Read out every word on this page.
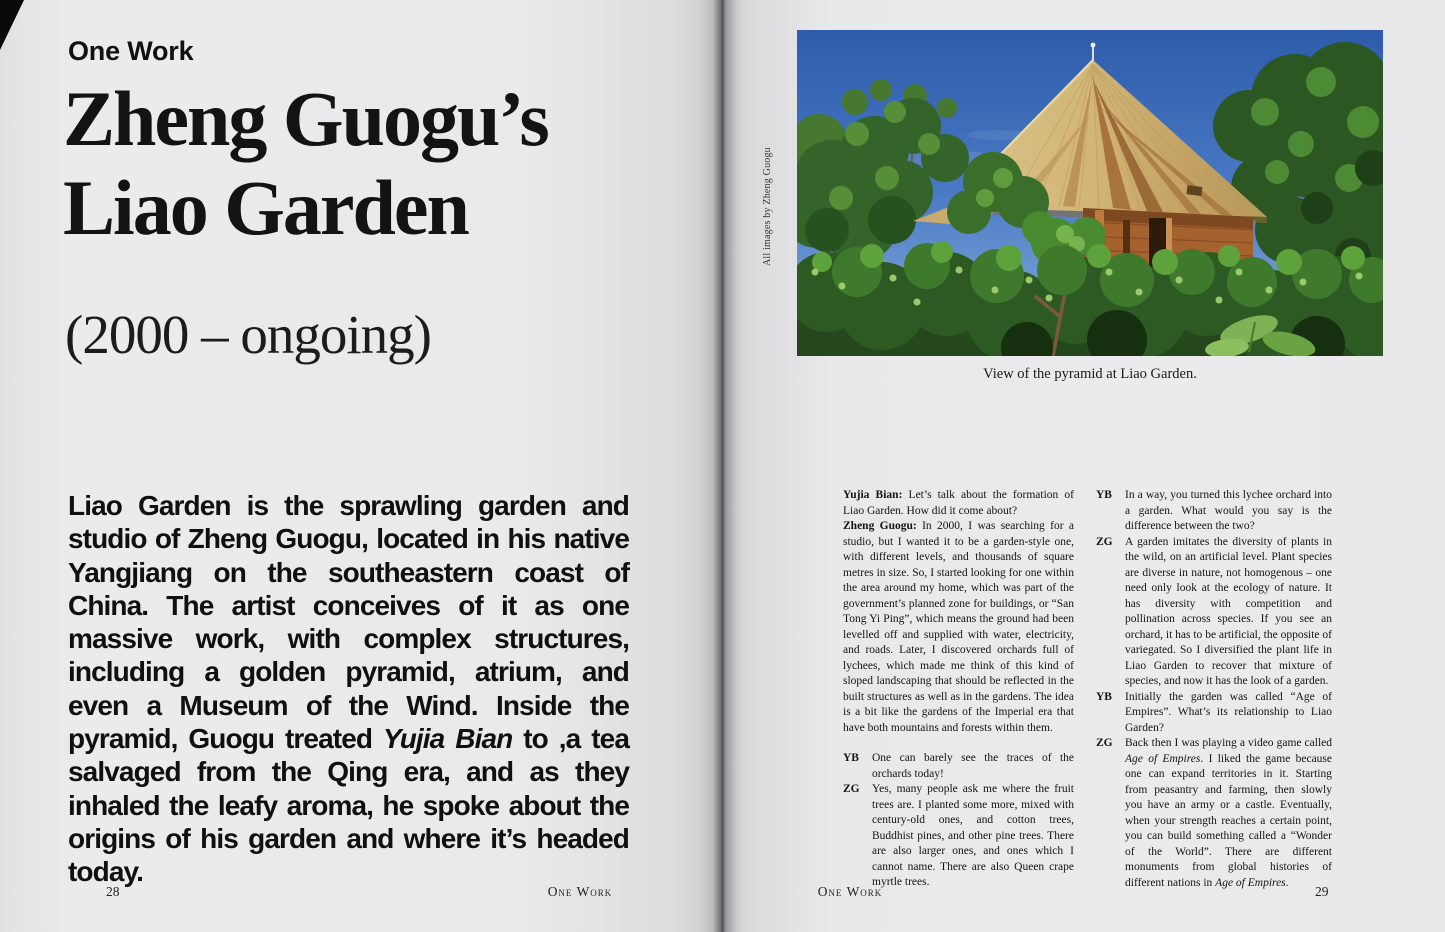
One Work
Zheng Guogu’s
Liao Garden
(2000 – ongoing)

Liao Garden is the sprawling garden and studio of Zheng Guogu, located in his native Yangjiang on the southeastern coast of China. The artist conceives of it as one massive work, with complex structures, including a golden pyramid, atrium, and even a Museum of the Wind. Inside the pyramid, Guogu treated Yujia Bian to ,a tea salvaged from the Qing era, and as they inhaled the leafy aroma, he spoke about the origins of his garden and where it’s headed today.

28	One Work
All images by Zheng Guogu

View of the pyramid at Liao Garden.

Yujia Bian: Let’s talk about the formation of Liao Garden. How did it come about?

Zheng Guogu: In 2000, I was searching for a studio, but I wanted it to be a garden-style one, with different levels, and thousands of square metres in size. So, I started looking for one within the area around my home, which was part of the government’s planned zone for buildings, or “San Tong Yi Ping”, which means the ground had been levelled off and supplied with water, electricity, and roads. Later, I discovered orchards full of lychees, which made me think of this kind of sloped landscaping that should be reflected in the built structures as well as in the gardens. The idea is a bit like the gardens of the Imperial era that have both mountains and forests within them.

YB	One can barely see the traces of the orchards today!

ZG	Yes, many people ask me where the fruit trees are. I planted some more, mixed with century-old ones, and cotton trees, Buddhist pines, and other pine trees. There are also larger ones, and ones which I cannot name. There are also Queen crape myrtle trees.

YB	In a way, you turned this lychee orchard into a garden. What would you say is the difference between the two?

ZG	A garden imitates the diversity of plants in the wild, on an artificial level. Plant species are diverse in nature, not homogenous – one need only look at the ecology of nature. It has diversity with competition and pollination across species. If you see an orchard, it has to be artificial, the opposite of variegated. So I diversified the plant life in Liao Garden to recover that mixture of species, and now it has the look of a garden.

YB	Initially the garden was called “Age of Empires”. What’s its relationship to Liao Garden?

ZG	Back then I was playing a video game called Age of Empires. I liked the game because one can expand territories in it. Starting from peasantry and farming, then slowly you have an army or a castle. Eventually, when your strength reaches a certain point, you can build something called a “Wonder of the World”. There are different monuments from global histories of different nations in Age of Empires.

One Work	29
